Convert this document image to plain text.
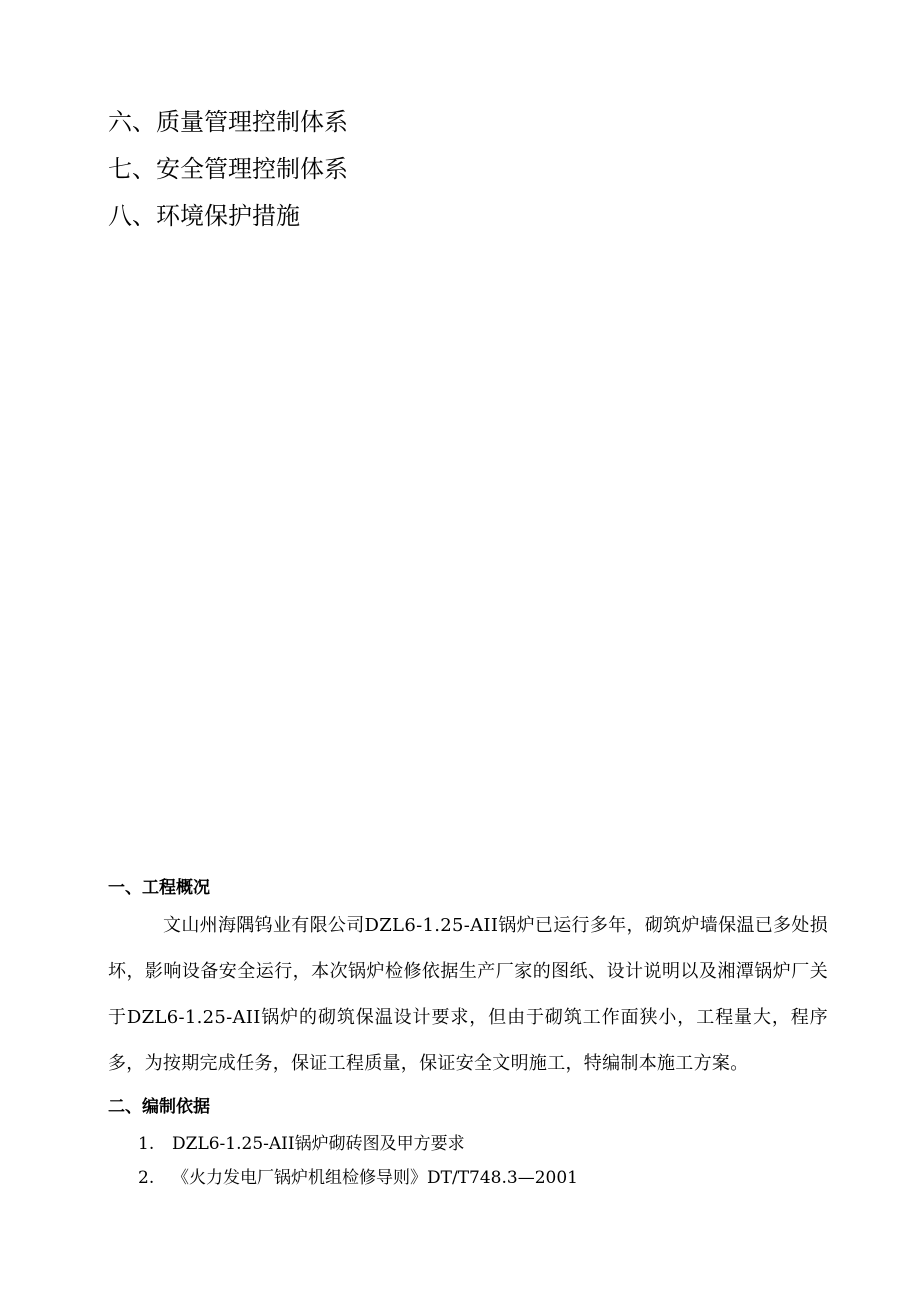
六、质量管理控制体系
七、安全管理控制体系
八、环境保护措施
一、工程概况

文山州海隅钨业有限公司DZL6-1.25-AII锅炉已运行多年，砌筑炉墙保温已多处损坏，影响设备安全运行，本次锅炉检修依据生产厂家的图纸、设计说明以及湘潭锅炉厂关于DZL6-1.25-AII锅炉的砌筑保温设计要求，但由于砌筑工作面狭小，工程量大，程序多，为按期完成任务，保证工程质量，保证安全文明施工，特编制本施工方案。

二、编制依据
1. DZL6-1.25-AII锅炉砌砖图及甲方要求
2. 《火力发电厂锅炉机组检修导则》DT/T748.3—2001
